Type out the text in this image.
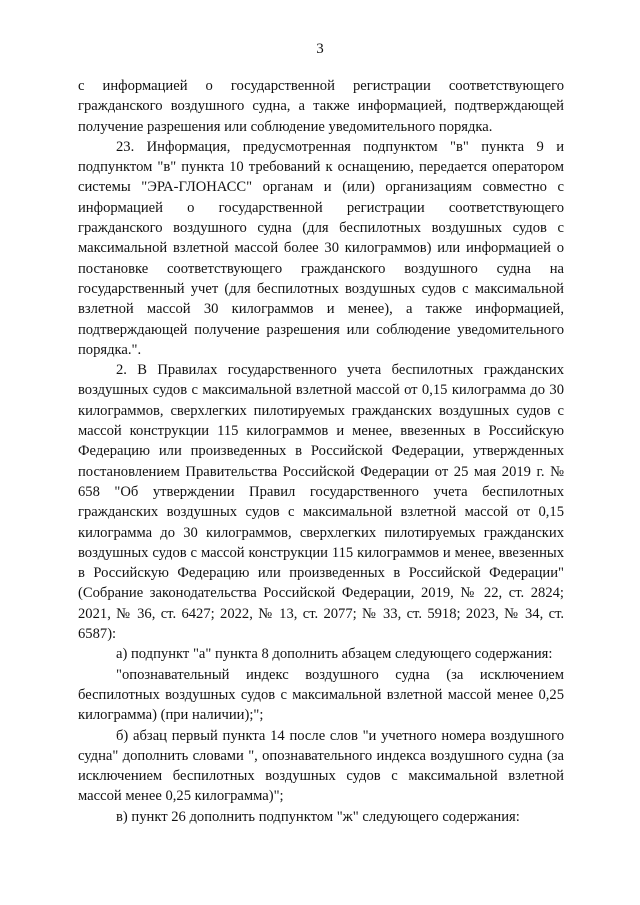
3

с информацией о государственной регистрации соответствующего гражданского воздушного судна, а также информацией, подтверждающей получение разрешения или соблюдение уведомительного порядка.

23. Информация, предусмотренная подпунктом "в" пункта 9 и подпунктом "в" пункта 10 требований к оснащению, передается оператором системы "ЭРА-ГЛОНАСС" органам и (или) организациям совместно с информацией о государственной регистрации соответствующего гражданского воздушного судна (для беспилотных воздушных судов с максимальной взлетной массой более 30 килограммов) или информацией о постановке соответствующего гражданского воздушного судна на государственный учет (для беспилотных воздушных судов с максимальной взлетной массой 30 килограммов и менее), а также информацией, подтверждающей получение разрешения или соблюдение уведомительного порядка.".

2. В Правилах государственного учета беспилотных гражданских воздушных судов с максимальной взлетной массой от 0,15 килограмма до 30 килограммов, сверхлегких пилотируемых гражданских воздушных судов с массой конструкции 115 килограммов и менее, ввезенных в Российскую Федерацию или произведенных в Российской Федерации, утвержденных постановлением Правительства Российской Федерации от 25 мая 2019 г. № 658 "Об утверждении Правил государственного учета беспилотных гражданских воздушных судов с максимальной взлетной массой от 0,15 килограмма до 30 килограммов, сверхлегких пилотируемых гражданских воздушных судов с массой конструкции 115 килограммов и менее, ввезенных в Российскую Федерацию или произведенных в Российской Федерации" (Собрание законодательства Российской Федерации, 2019, № 22, ст. 2824; 2021, № 36, ст. 6427; 2022, № 13, ст. 2077; № 33, ст. 5918; 2023, № 34, ст. 6587):

а) подпункт "а" пункта 8 дополнить абзацем следующего содержания:

"опознавательный индекс воздушного судна (за исключением беспилотных воздушных судов с максимальной взлетной массой менее 0,25 килограмма) (при наличии);";

б) абзац первый пункта 14 после слов "и учетного номера воздушного судна" дополнить словами ", опознавательного индекса воздушного судна (за исключением беспилотных воздушных судов с максимальной взлетной массой менее 0,25 килограмма)";

в) пункт 26 дополнить подпунктом "ж" следующего содержания:
